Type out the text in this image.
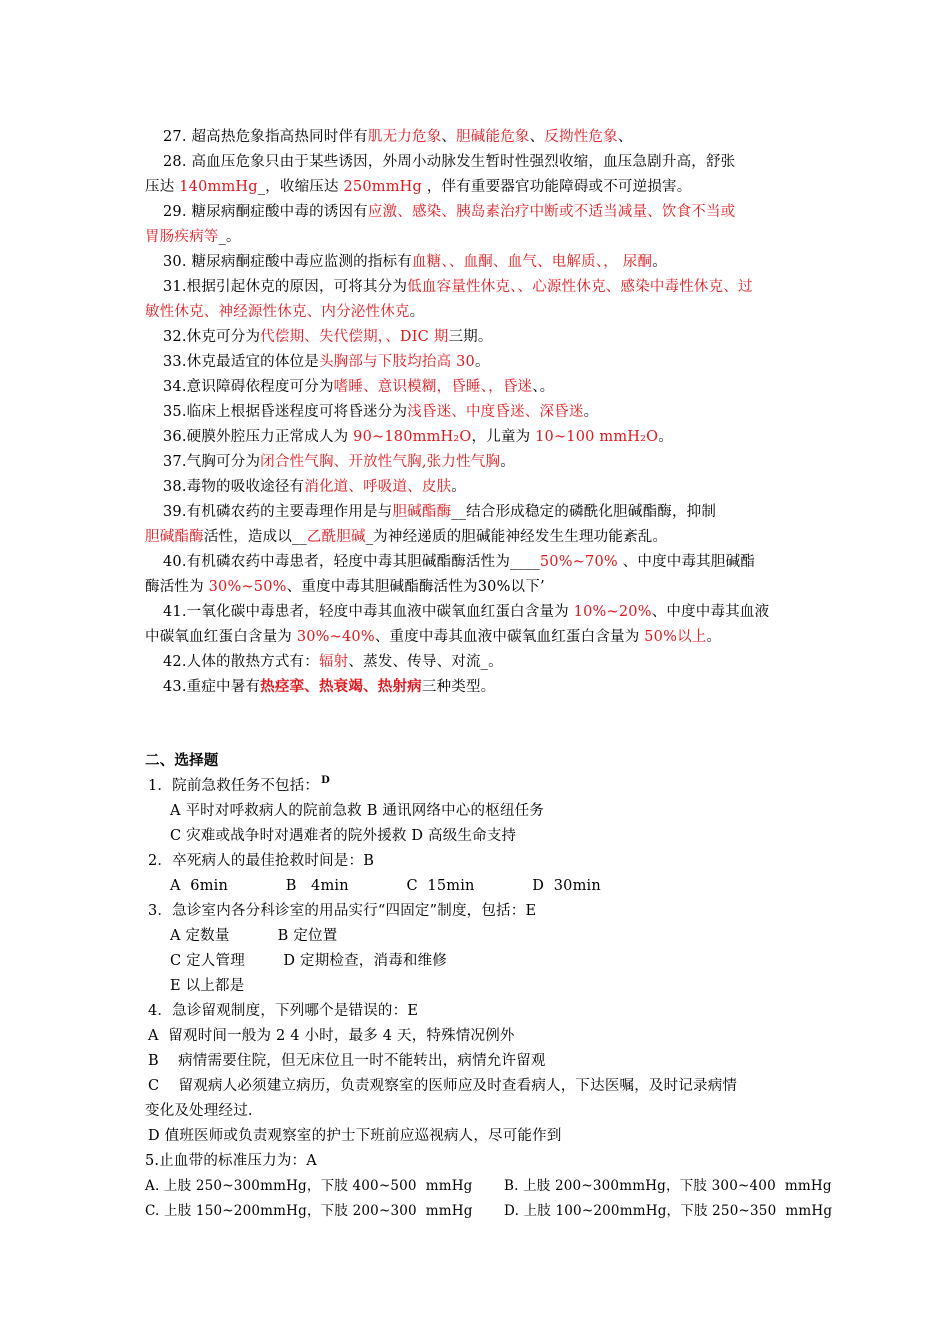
27. 超高热危象指高热同时伴有肌无力危象、胆碱能危象、反拗性危象、
28. 高血压危象只由于某些诱因，外周小动脉发生暂时性强烈收缩，血压急剧升高，舒张
压达 140mmHg_，收缩压达 250mmHg ，伴有重要器官功能障碍或不可逆损害。
29. 糖尿病酮症酸中毒的诱因有应激、感染、胰岛素治疗中断或不适当减量、饮食不当或
胃肠疾病等_。
30. 糖尿病酮症酸中毒应监测的指标有血糖、、血酮、血气、电解质、， 尿酮。
31.根据引起休克的原因，可将其分为低血容量性休克、、心源性休克、感染中毒性休克、过
敏性休克、神经源性休克、内分泌性休克。
32.休克可分为代偿期、失代偿期，、DIC 期三期。
33.休克最适宜的体位是头胸部与下肢均抬高 30。
34.意识障碍依程度可分为嗜睡、意识模糊，昏睡、，昏迷、。
35.临床上根据昏迷程度可将昏迷分为浅昏迷、中度昏迷、深昏迷。
36.硬膜外腔压力正常成人为 90~180mmH₂O，儿童为 10~100 mmH₂O。
37.气胸可分为闭合性气胸、开放性气胸,张力性气胸。
38.毒物的吸收途径有消化道、呼吸道、皮肤。
39.有机磷农药的主要毒理作用是与胆碱酯酶__结合形成稳定的磷酰化胆碱酯酶，抑制
胆碱酯酶活性，造成以__乙酰胆碱_为神经递质的胆碱能神经发生生理功能紊乱。
40.有机磷农药中毒患者，轻度中毒其胆碱酯酶活性为____50%~70% 、中度中毒其胆碱酯
酶活性为 30%~50%、重度中毒其胆碱酯酶活性为30%以下’
41.一氧化碳中毒患者，轻度中毒其血液中碳氧血红蛋白含量为 10%~20%、中度中毒其血液
中碳氧血红蛋白含量为 30%~40%、重度中毒其血液中碳氧血红蛋白含量为 50%以上。
42.人体的散热方式有：辐射、蒸发、传导、对流_。
43.重症中暑有热痉挛、热衰竭、热射病三种类型。
二、选择题
1．院前急救任务不包括： $^D$
A 平时对呼救病人的院前急救 B 通讯网络中心的枢纽任务
C 灾难或战争时对遇难者的院外援救 D 高级生命支持
2．卒死病人的最佳抢救时间是：B
A  6min            B   4min            C  15min            D  30min
3．急诊室内各分科诊室的用品实行“四固定”制度，包括：E
A 定数量          B 定位置
C 定人管理        D 定期检查，消毒和维修
E 以上都是
4．急诊留观制度，下列哪个是错误的：E
A  留观时间一般为 2 4 小时，最多 4 天，特殊情况例外
B    病情需要住院，但无床位且一时不能转出，病情允许留观
C    留观病人必须建立病历，负责观察室的医师应及时查看病人，下达医嘱，及时记录病情
变化及处理经过.
D 值班医师或负责观察室的护士下班前应巡视病人，尽可能作到
5.止血带的标准压力为：A
A. 上肢 250~300mmHg，下肢 400~500  mmHg       B. 上肢 200~300mmHg，下肢 300~400  mmHg
C. 上肢 150~200mmHg，下肢 200~300  mmHg       D. 上肢 100~200mmHg，下肢 250~350  mmHg
